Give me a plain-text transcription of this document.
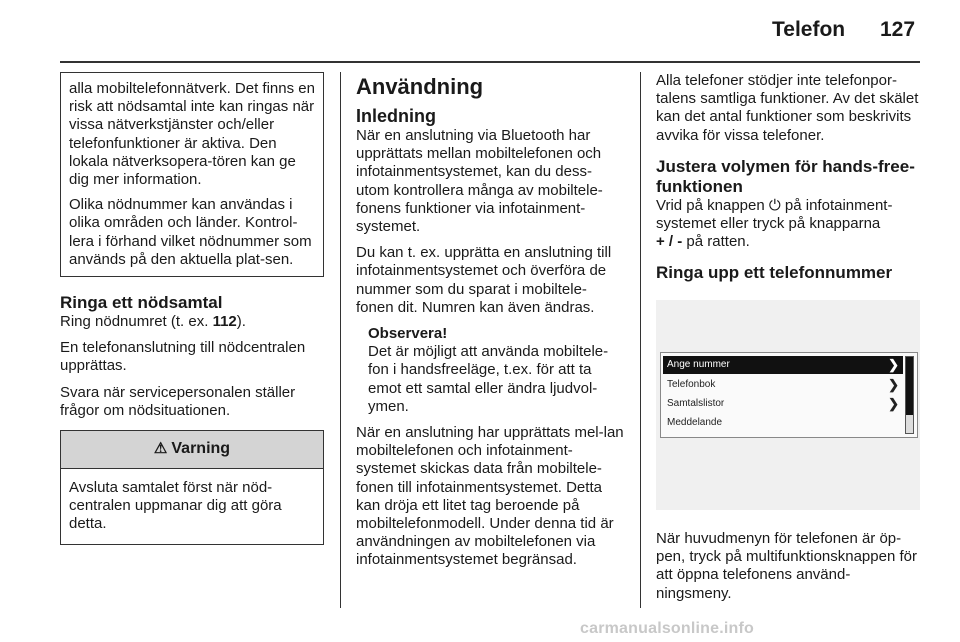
Telefon 127

alla mobiltelefonnätverk. Det finns en risk att nödsamtal inte kan ringas när vissa nätverkstjänster och/eller telefonfunktioner är aktiva. Den lokala nätverksopera-tören kan ge dig mer information.

Olika nödnummer kan användas i olika områden och länder. Kontrol-lera i förhand vilket nödnummer som används på den aktuella plat-sen.

Ringa ett nödsamtal

Ring nödnumret (t. ex. 112).

En telefonanslutning till nödcentralen upprättas.

Svara när servicepersonalen ställer frågor om nödsituationen.

⚠ Varning

Avsluta samtalet först när nöd-centralen uppmanar dig att göra detta.

Användning
Inledning

När en anslutning via Bluetooth har upprättats mellan mobiltelefonen och infotainmentsystemet, kan du dess-utom kontrollera många av mobiltele-fonens funktioner via infotainment-systemet.

Du kan t. ex. upprätta en anslutning till infotainmentsystemet och överföra de nummer som du sparat i mobiltele-fonen dit. Numren kan även ändras.

Observera!

Det är möjligt att använda mobiltele-fon i handsfreeläge, t.ex. för att ta emot ett samtal eller ändra ljudvol-ymen.

När en anslutning har upprättats mel-lan mobiltelefonen och infotainment-systemet skickas data från mobiltele-fonen till infotainmentsystemet. Detta kan dröja ett litet tag beroende på mobiltelefonmodell. Under denna tid är användningen av mobiltelefonen via infotainmentsystemet begränsad.

Alla telefoner stödjer inte telefonpor-talens samtliga funktioner. Av det skälet kan det antal funktioner som beskrivits avvika för vissa telefoner.

Justera volymen för hands-free-funktionen

Vrid på knappen ⏻ på infotainment-systemet eller tryck på knapparna
+ / - på ratten.

Ringa upp ett telefonnummer
Ange nummer	❯
Telefonbok	❯
Samtalslistor	❯
Meddelande

När huvudmenyn för telefonen är öp-pen, tryck på multifunktionsknappen för att öppna telefonens använd-ningsmeny.

carmanualsonline.info
